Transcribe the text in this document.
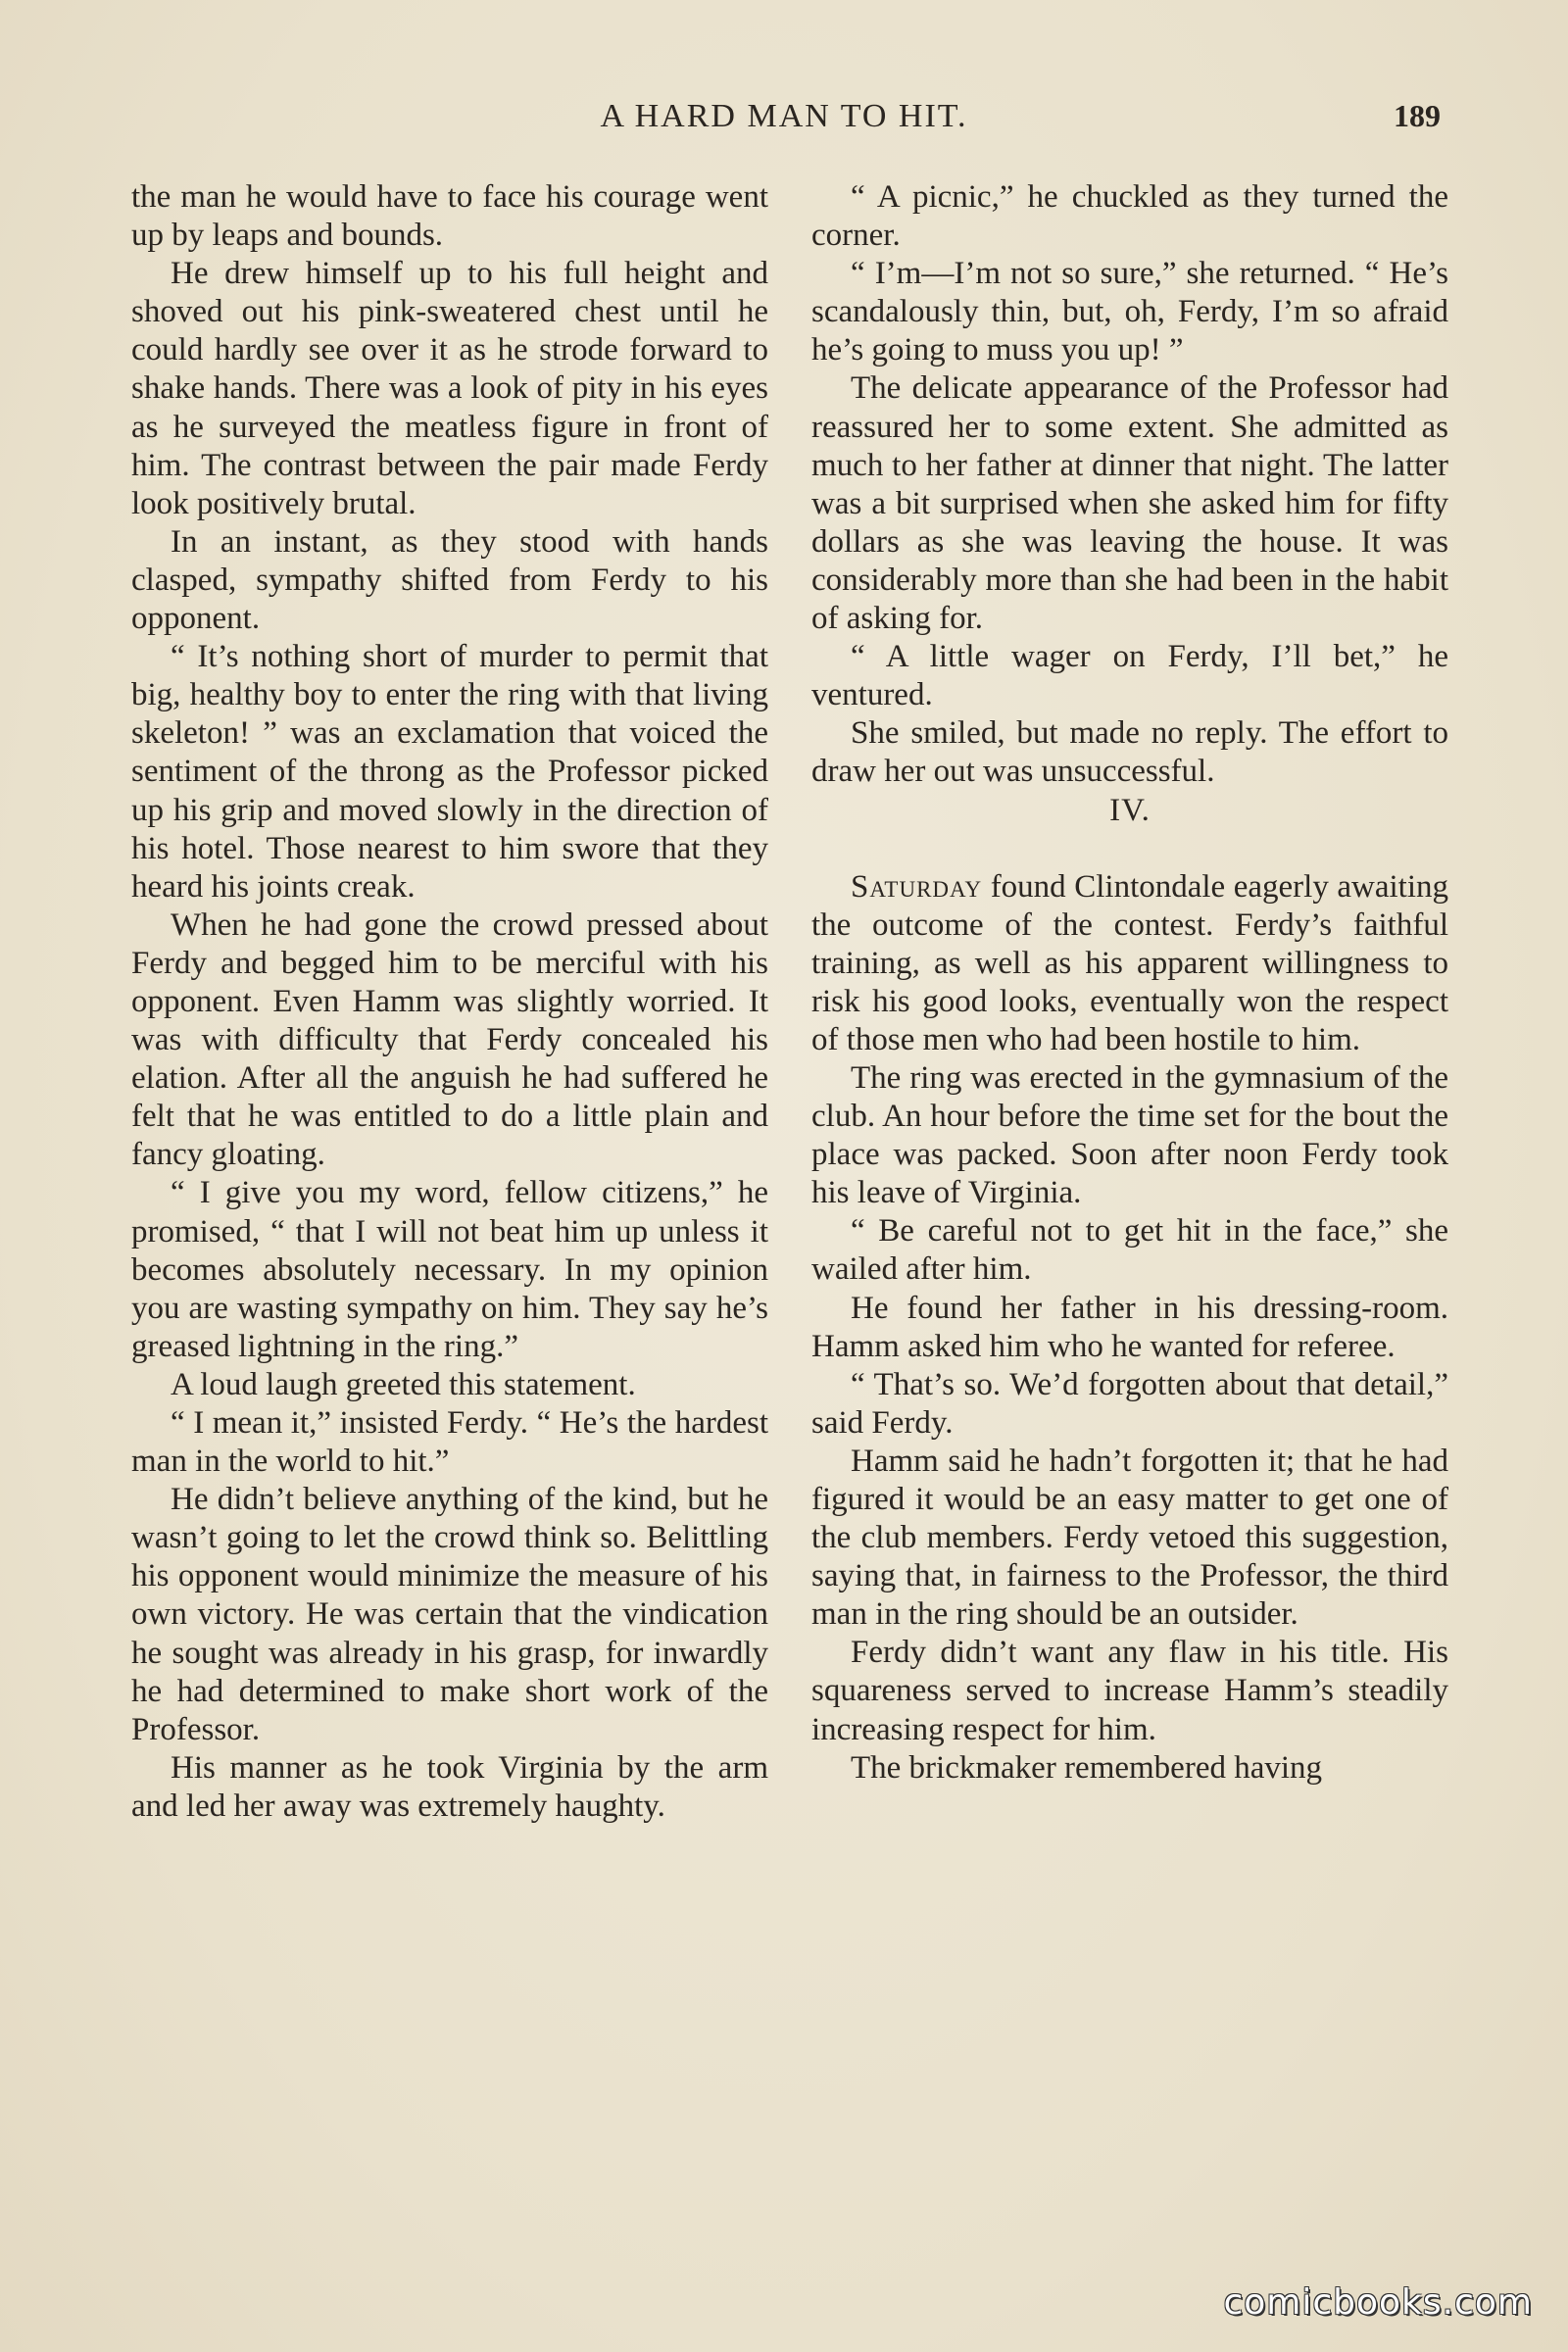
A HARD MAN TO HIT.	189

the man he would have to face his courage went up by leaps and bounds.

He drew himself up to his full height and shoved out his pink-sweatered chest until he could hardly see over it as he strode forward to shake hands. There was a look of pity in his eyes as he surveyed the meatless figure in front of him. The contrast between the pair made Ferdy look positively brutal.

In an instant, as they stood with hands clasped, sympathy shifted from Ferdy to his opponent.

“ It’s nothing short of murder to permit that big, healthy boy to enter the ring with that living skeleton! ” was an exclamation that voiced the sentiment of the throng as the Professor picked up his grip and moved slowly in the direction of his hotel. Those nearest to him swore that they heard his joints creak.

When he had gone the crowd pressed about Ferdy and begged him to be merciful with his opponent. Even Hamm was slightly worried. It was with difficulty that Ferdy concealed his elation. After all the anguish he had suffered he felt that he was entitled to do a little plain and fancy gloating.

“ I give you my word, fellow citizens,” he promised, “ that I will not beat him up unless it becomes absolutely necessary. In my opinion you are wasting sympathy on him. They say he’s greased lightning in the ring.”

A loud laugh greeted this statement.

“ I mean it,” insisted Ferdy. “ He’s the hardest man in the world to hit.”

He didn’t believe anything of the kind, but he wasn’t going to let the crowd think so. Belittling his opponent would minimize the measure of his own victory. He was certain that the vindication he sought was already in his grasp, for inwardly he had determined to make short work of the Professor.

His manner as he took Virginia by the arm and led her away was extremely haughty.

“ A picnic,” he chuckled as they turned the corner.

“ I’m—I’m not so sure,” she returned. “ He’s scandalously thin, but, oh, Ferdy, I’m so afraid he’s going to muss you up! ”

The delicate appearance of the Professor had reassured her to some extent. She admitted as much to her father at dinner that night. The latter was a bit surprised when she asked him for fifty dollars as she was leaving the house. It was considerably more than she had been in the habit of asking for.

“ A little wager on Ferdy, I’ll bet,” he ventured.

She smiled, but made no reply. The effort to draw her out was unsuccessful.

IV.

Saturday found Clintondale eagerly awaiting the outcome of the contest. Ferdy’s faithful training, as well as his apparent willingness to risk his good looks, eventually won the respect of those men who had been hostile to him.

The ring was erected in the gymnasium of the club. An hour before the time set for the bout the place was packed. Soon after noon Ferdy took his leave of Virginia.

“ Be careful not to get hit in the face,” she wailed after him.

He found her father in his dressing-room. Hamm asked him who he wanted for referee.

“ That’s so. We’d forgotten about that detail,” said Ferdy.

Hamm said he hadn’t forgotten it; that he had figured it would be an easy matter to get one of the club members. Ferdy vetoed this suggestion, saying that, in fairness to the Professor, the third man in the ring should be an outsider.

Ferdy didn’t want any flaw in his title. His squareness served to increase Hamm’s steadily increasing respect for him.

The brickmaker remembered having

comicbooks.com
